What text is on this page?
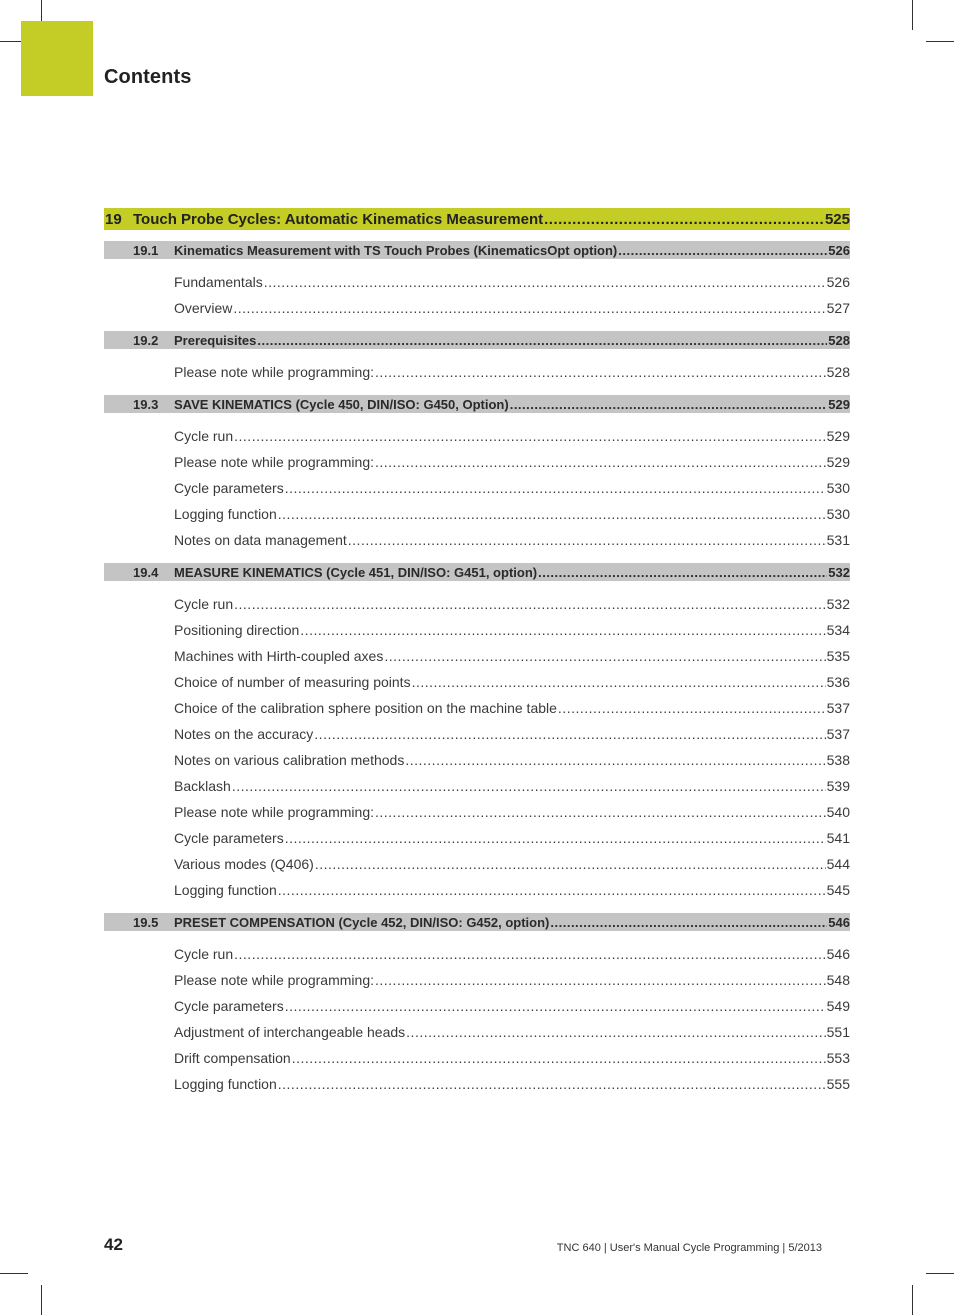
Contents
19 Touch Probe Cycles: Automatic Kinematics Measurement .....	525
19.1	Kinematics Measurement with TS Touch Probes (KinematicsOpt option) .....	526
Fundamentals .....	526
Overview .....	527
19.2	Prerequisites .....	528
Please note while programming: .....	528
19.3	SAVE KINEMATICS (Cycle 450, DIN/ISO: G450, Option) .....	529
Cycle run .....	529
Please note while programming: .....	529
Cycle parameters .....	530
Logging function .....	530
Notes on data management .....	531
19.4	MEASURE KINEMATICS (Cycle 451, DIN/ISO: G451, option) .....	532
Cycle run .....	532
Positioning direction .....	534
Machines with Hirth-coupled axes .....	535
Choice of number of measuring points .....	536
Choice of the calibration sphere position on the machine table .....	537
Notes on the accuracy .....	537
Notes on various calibration methods .....	538
Backlash .....	539
Please note while programming: .....	540
Cycle parameters .....	541
Various modes (Q406) .....	544
Logging function .....	545
19.5	PRESET COMPENSATION (Cycle 452, DIN/ISO: G452, option) .....	546
Cycle run .....	546
Please note while programming: .....	548
Cycle parameters .....	549
Adjustment of interchangeable heads .....	551
Drift compensation .....	553
Logging function .....	555
42	TNC 640 | User's Manual Cycle Programming | 5/2013
